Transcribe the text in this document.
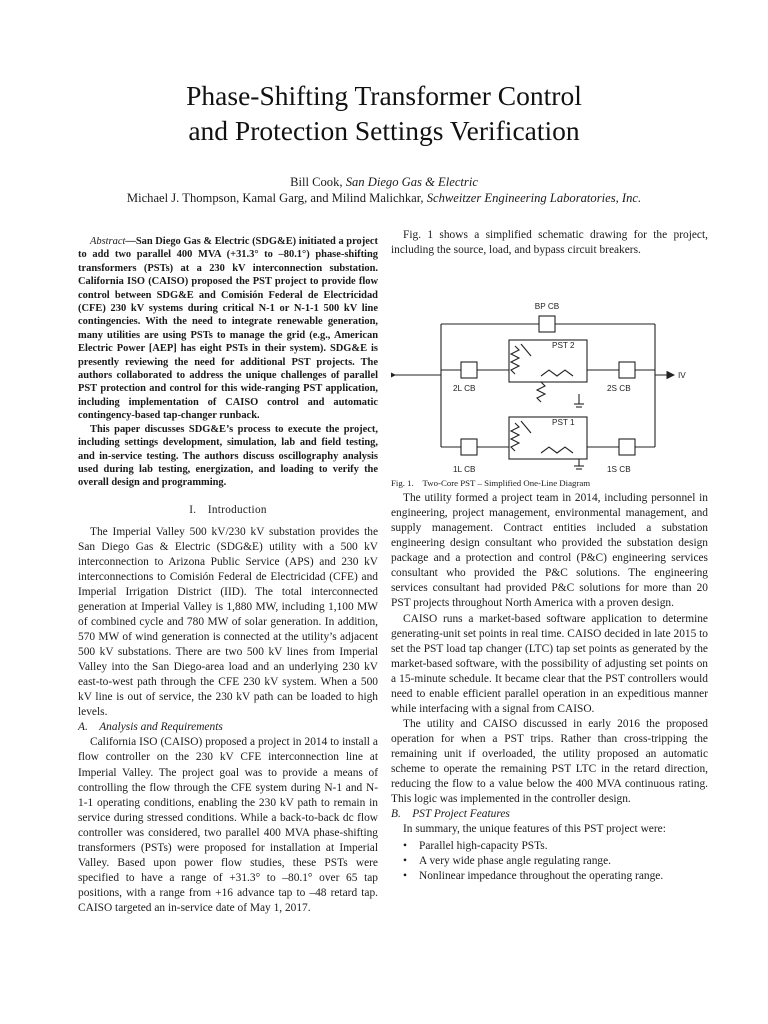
Phase-Shifting Transformer Control
and Protection Settings Verification
Bill Cook, San Diego Gas & Electric
Michael J. Thompson, Kamal Garg, and Milind Malichkar, Schweitzer Engineering Laboratories, Inc.

Abstract—San Diego Gas & Electric (SDG&E) initiated a project to add two parallel 400 MVA (+31.3° to –80.1°) phase-shifting transformers (PSTs) at a 230 kV interconnection substation. California ISO (CAISO) proposed the PST project to provide flow control between SDG&E and Comisión Federal de Electricidad (CFE) 230 kV systems during critical N-1 or N-1-1 500 kV line contingencies. With the need to integrate renewable generation, many utilities are using PSTs to manage the grid (e.g., American Electric Power [AEP] has eight PSTs in their system). SDG&E is presently reviewing the need for additional PST projects. The authors collaborated to address the unique challenges of parallel PST protection and control for this wide-ranging PST application, including implementation of CAISO control and automatic contingency-based tap-changer runback.

This paper discusses SDG&E’s process to execute the project, including settings development, simulation, lab and field testing, and in-service testing. The authors discuss oscillography analysis used during lab testing, energization, and loading to verify the overall design and programming.

I. Introduction

The Imperial Valley 500 kV/230 kV substation provides the San Diego Gas & Electric (SDG&E) utility with a 500 kV interconnection to Arizona Public Service (APS) and 230 kV interconnections to Comisión Federal de Electricidad (CFE) and Imperial Irrigation District (IID). The total interconnected generation at Imperial Valley is 1,880 MW, including 1,100 MW of combined cycle and 780 MW of solar generation. In addition, 570 MW of wind generation is connected at the utility’s adjacent 500 kV substations. There are two 500 kV lines from Imperial Valley into the San Diego-area load and an underlying 230 kV east-to-west path through the CFE 230 kV system. When a 500 kV line is out of service, the 230 kV path can be loaded to high levels.

A. Analysis and Requirements

California ISO (CAISO) proposed a project in 2014 to install a flow controller on the 230 kV CFE interconnection line at Imperial Valley. The project goal was to provide a means of controlling the flow through the CFE system during N-1 and N-1-1 operating conditions, enabling the 230 kV path to remain in service during stressed conditions. While a back-to-back dc flow controller was considered, two parallel 400 MVA phase-shifting transformers (PSTs) were proposed for installation at Imperial Valley. Based upon power flow studies, these PSTs were specified to have a range of +31.3° to –80.1° over 65 tap positions, with a range from +16 advance tap to –48 retard tap. CAISO targeted an in-service date of May 1, 2017.

Fig. 1 shows a simplified schematic drawing for the project, including the source, load, and bypass circuit breakers.

BP CB
PST 2
2L CB	2S CB
PST 1
1L CB	1S CB
IV

Fig. 1. Two-Core PST – Simplified One-Line Diagram

The utility formed a project team in 2014, including personnel in engineering, project management, environmental management, and supply management. Contract entities included a substation engineering design consultant who provided the substation design package and a protection and control (P&C) engineering services consultant who provided the P&C solutions. The engineering services consultant had provided P&C solutions for more than 20 PST projects throughout North America with a proven design.

CAISO runs a market-based software application to determine generating-unit set points in real time. CAISO decided in late 2015 to set the PST load tap changer (LTC) tap set points as generated by the market-based software, with the possibility of adjusting set points on a 15-minute schedule. It became clear that the PST controllers would need to enable efficient parallel operation in an expeditious manner while interfacing with a signal from CAISO.

The utility and CAISO discussed in early 2016 the proposed operation for when a PST trips. Rather than cross-tripping the remaining unit if overloaded, the utility proposed an automatic scheme to operate the remaining PST LTC in the retard direction, reducing the flow to a value below the 400 MVA continuous rating. This logic was implemented in the controller design.

B. PST Project Features

In summary, the unique features of this PST project were:

• Parallel high-capacity PSTs.
• A very wide phase angle regulating range.
• Nonlinear impedance throughout the operating range.
